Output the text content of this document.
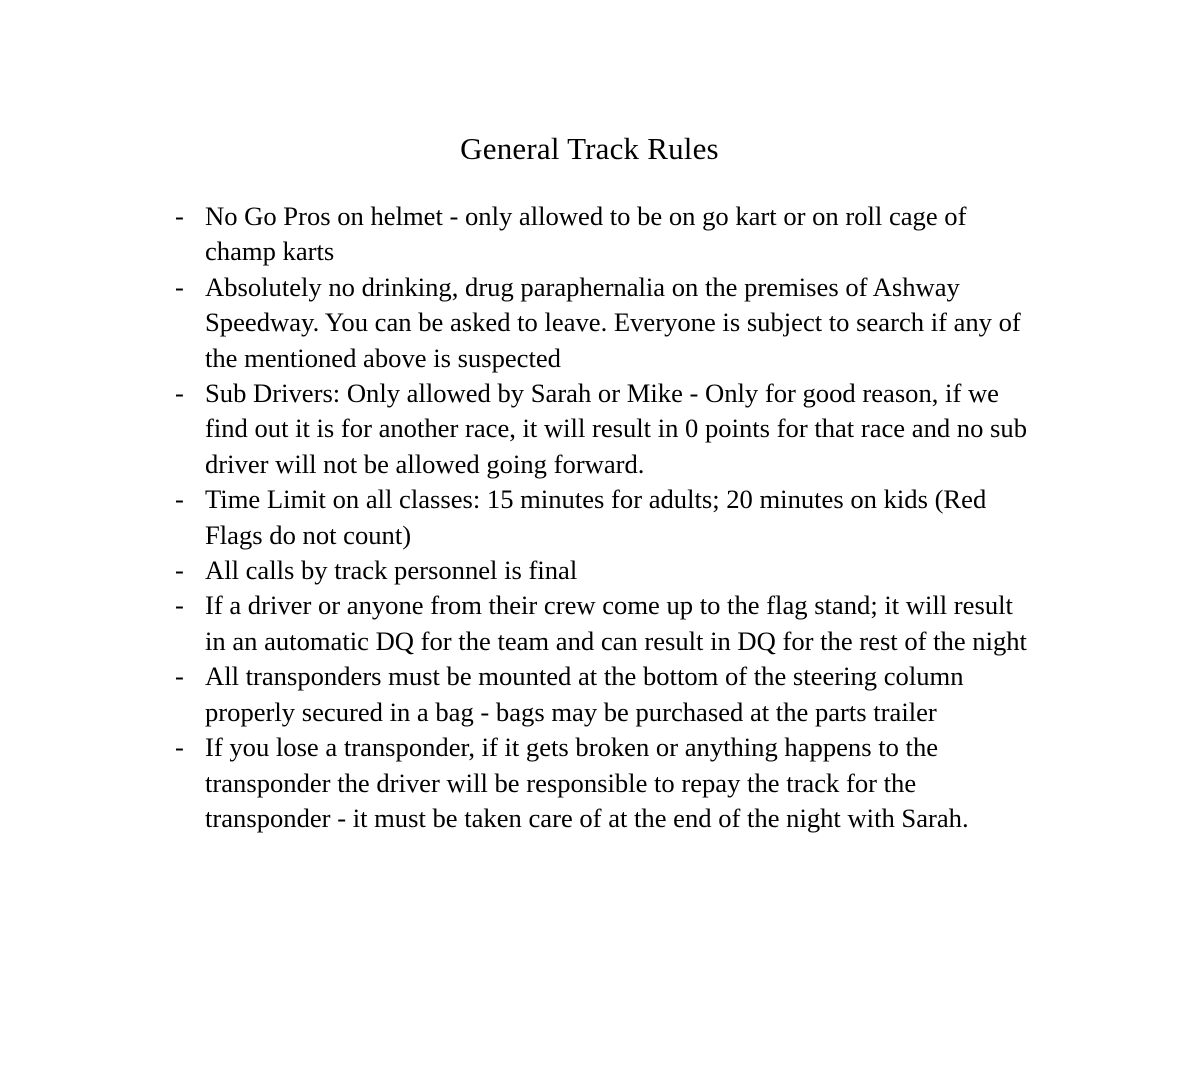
General Track Rules
- No Go Pros on helmet - only allowed to be on go kart or on roll cage of champ karts
- Absolutely no drinking, drug paraphernalia on the premises of Ashway Speedway. You can be asked to leave. Everyone is subject to search if any of the mentioned above is suspected
- Sub Drivers: Only allowed by Sarah or Mike - Only for good reason, if we find out it is for another race, it will result in 0 points for that race and no sub driver will not be allowed going forward.
- Time Limit on all classes: 15 minutes for adults; 20 minutes on kids (Red Flags do not count)
- All calls by track personnel is final
- If a driver or anyone from their crew come up to the flag stand; it will result in an automatic DQ for the team and can result in DQ for the rest of the night
- All transponders must be mounted at the bottom of the steering column properly secured in a bag - bags may be purchased at the parts trailer
- If you lose a transponder, if it gets broken or anything happens to the transponder the driver will be responsible to repay the track for the transponder - it must be taken care of at the end of the night with Sarah.
